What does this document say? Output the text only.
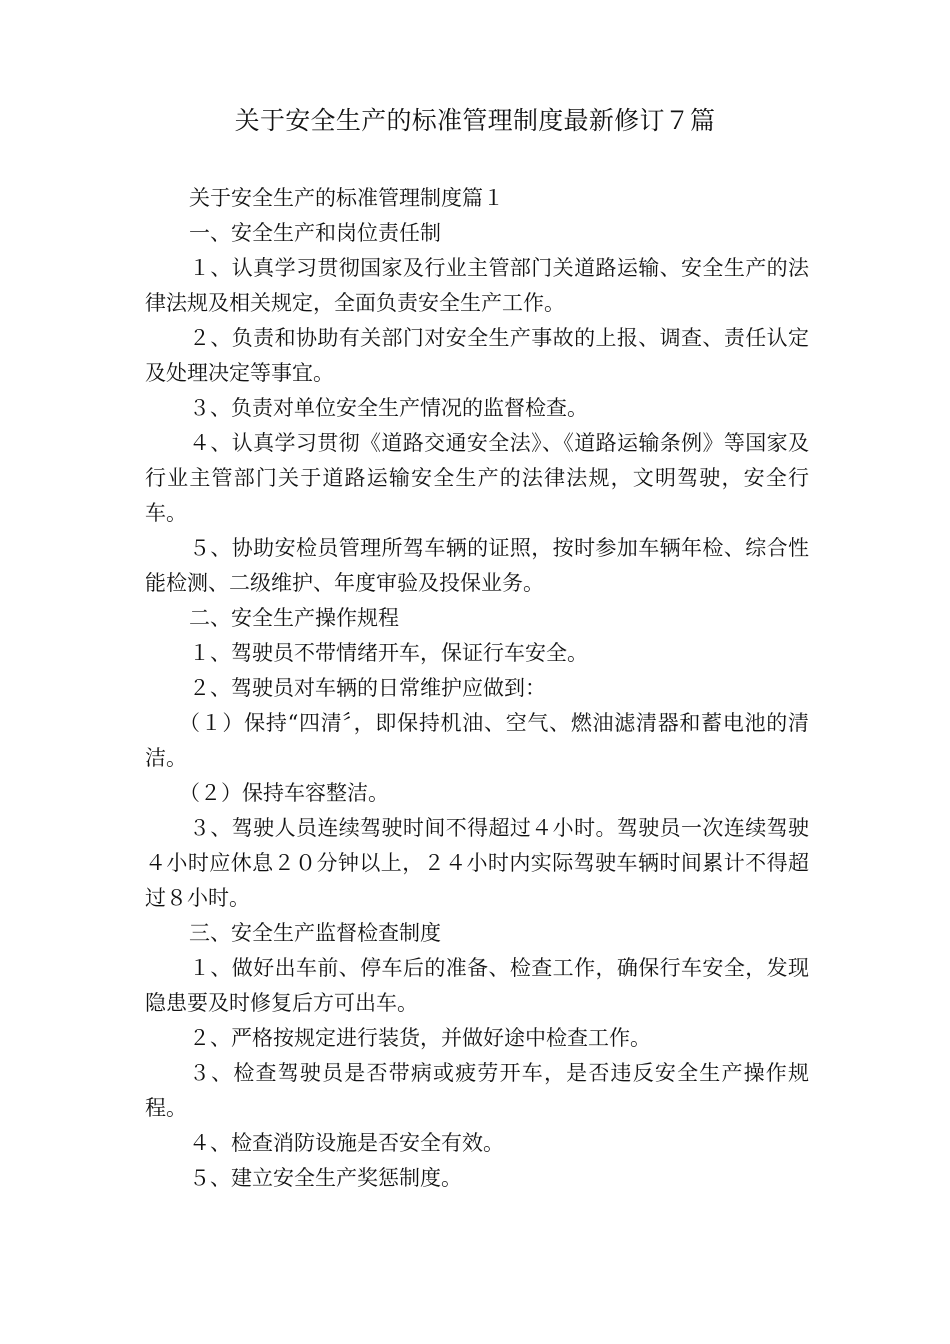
关于安全生产的标准管理制度最新修订７篇

关于安全生产的标准管理制度篇１

一、安全生产和岗位责任制

１、认真学习贯彻国家及行业主管部门关道路运输、安全生产的法律法规及相关规定，全面负责安全生产工作。

２、负责和协助有关部门对安全生产事故的上报、调查、责任认定及处理决定等事宜。

３、负责对单位安全生产情况的监督检查。

４、认真学习贯彻《道路交通安全法》、《道路运输条例》等国家及行业主管部门关于道路运输安全生产的法律法规，文明驾驶，安全行车。

５、协助安检员管理所驾车辆的证照，按时参加车辆年检、综合性能检测、二级维护、年度审验及投保业务。

二、安全生产操作规程

１、驾驶员不带情绪开车，保证行车安全。

２、驾驶员对车辆的日常维护应做到：

（１）保持“四清〞，即保持机油、空气、燃油滤清器和蓄电池的清洁。

（２）保持车容整洁。

３、驾驶人员连续驾驶时间不得超过４小时。驾驶员一次连续驾驶４小时应休息２０分钟以上，２４小时内实际驾驶车辆时间累计不得超过８小时。

三、安全生产监督检查制度

１、做好出车前、停车后的准备、检查工作，确保行车安全，发现隐患要及时修复后方可出车。

２、严格按规定进行装货，并做好途中检查工作。

３、检查驾驶员是否带病或疲劳开车，是否违反安全生产操作规程。

４、检查消防设施是否安全有效。

５、建立安全生产奖惩制度。
